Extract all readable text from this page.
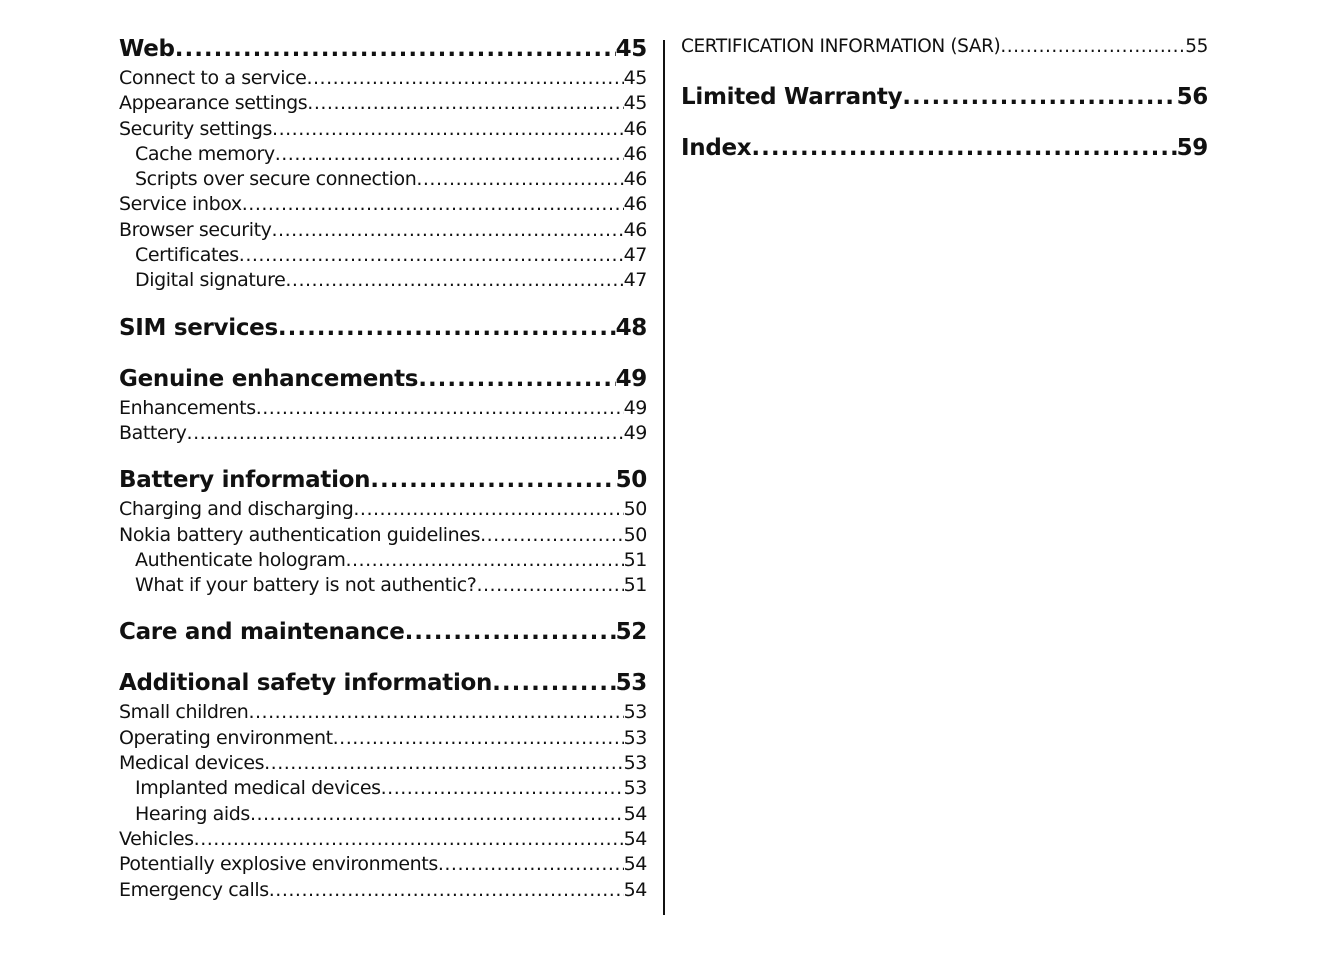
Web .....	45
Connect to a service .....	45
Appearance settings .....	45
Security settings .....	46
Cache memory .....	46
Scripts over secure connection .....	46
Service inbox .....	46
Browser security .....	46
Certificates .....	47
Digital signature .....	47
SIM services .....	48
Genuine enhancements .....	49
Enhancements .....	49
Battery .....	49
Battery information .....	50
Charging and discharging .....	50
Nokia battery authentication guidelines .....	50
Authenticate hologram .....	51
What if your battery is not authentic? .....	51
Care and maintenance .....	52
Additional safety information .....	53
Small children .....	53
Operating environment .....	53
Medical devices .....	53
Implanted medical devices .....	53
Hearing aids .....	54
Vehicles .....	54
Potentially explosive environments .....	54
Emergency calls .....	54
CERTIFICATION INFORMATION (SAR) .....	55
Limited Warranty .....	56
Index .....	59
